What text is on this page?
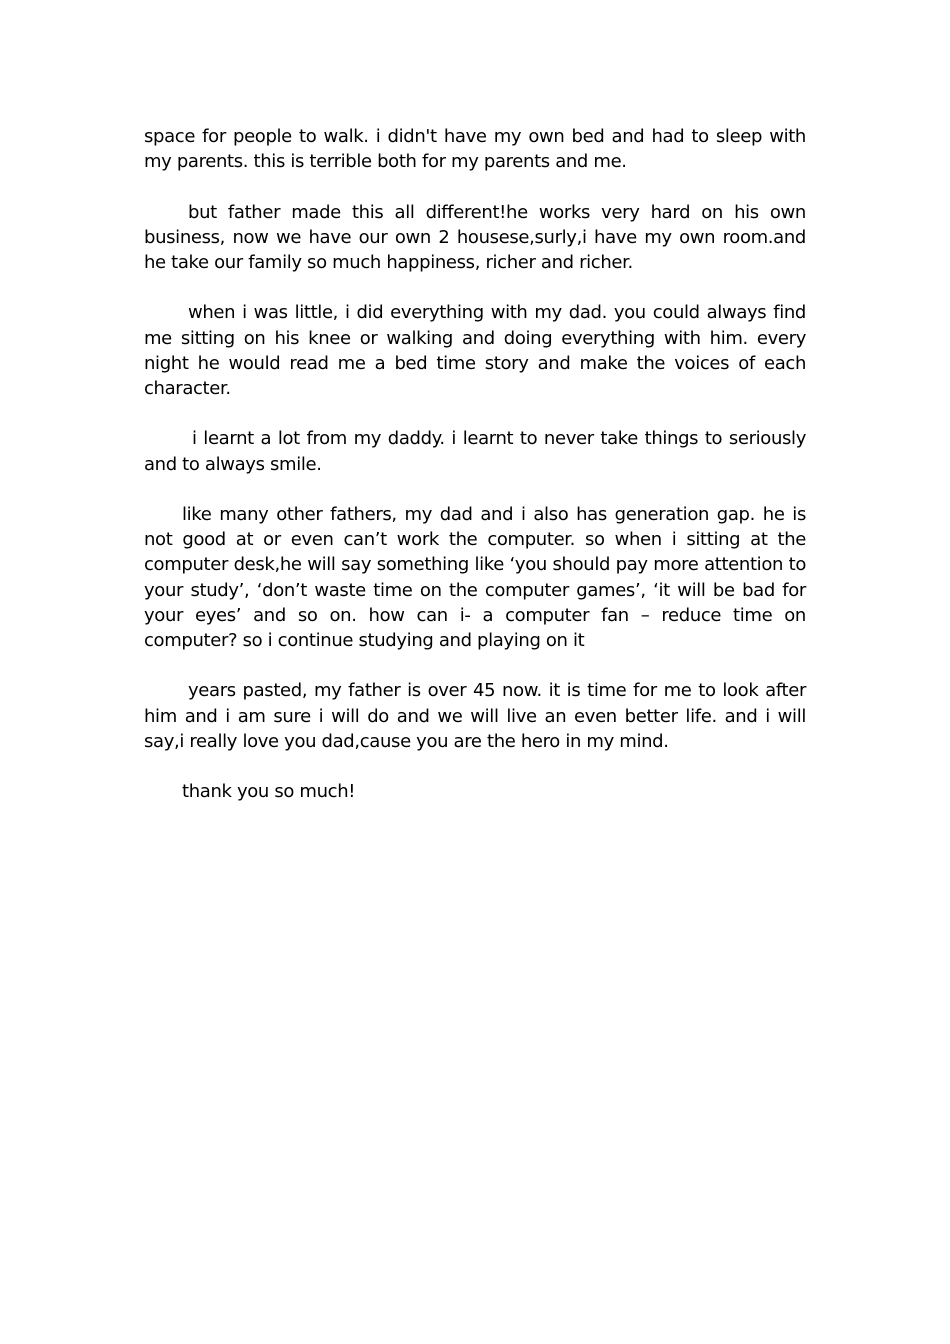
space for people to walk. i didn't have my own bed and had to sleep with my parents. this is terrible both for my parents and me.

but father made this all different!he works very hard on his own business, now we have our own 2 housese,surly,i have my own room.and he take our family so much happiness, richer and richer.

when i was little, i did everything with my dad. you could always find me sitting on his knee or walking and doing everything with him. every night he would read me a bed time story and make the voices of each character.

i learnt a lot from my daddy. i learnt to never take things to seriously and to always smile.

like many other fathers, my dad and i also has generation gap. he is not good at or even can’t work the computer. so when i sitting at the computer desk,he will say something like ‘you should pay more attention to your study’, ‘don’t waste time on the computer games’, ‘it will be bad for your eyes’ and so on. how can i- a computer fan – reduce time on computer? so i continue studying and playing on it

years pasted, my father is over 45 now. it is time for me to look after him and i am sure i will do and we will live an even better life. and i will say,i really love you dad,cause you are the hero in my mind.

thank you so much!
